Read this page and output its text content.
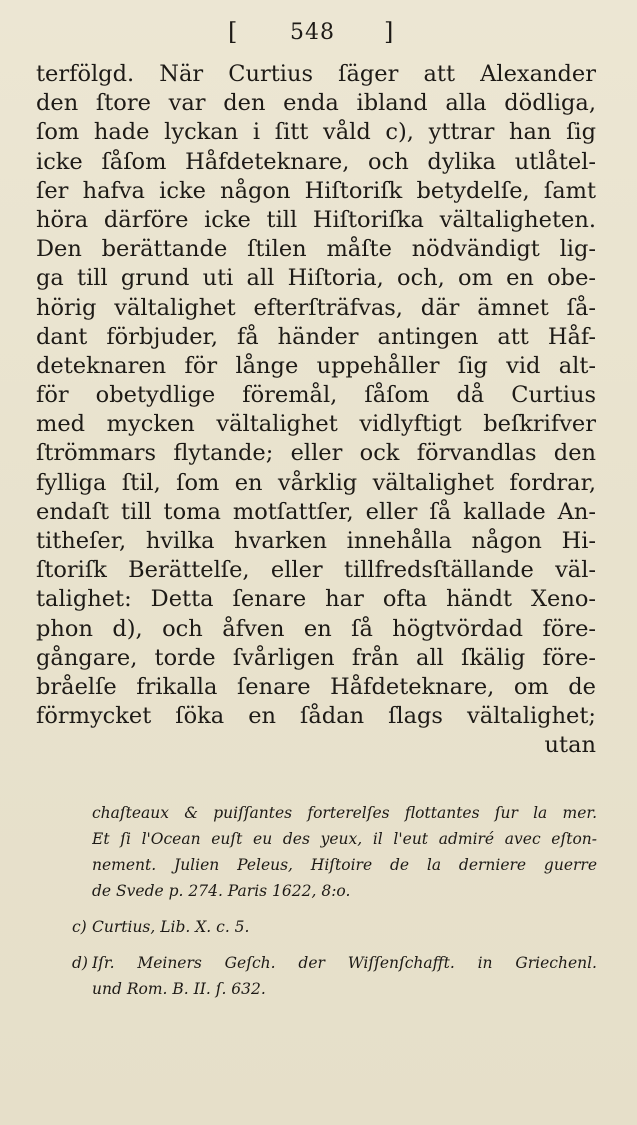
[ 548 ]
terfölgd. När Curtius ſäger att Alexander
den ſtore var den enda ibland alla dödliga,
ſom hade lyckan i ſitt våld c), yttrar han ſig
icke ſåſom Håfdeteknare, och dylika utlåtel-
ſer hafva icke någon Hiſtoriſk betydelſe, ſamt
höra därföre icke till Hiſtoriſka vältaligheten.
Den berättande ſtilen måſte nödvändigt lig-
ga till grund uti all Hiſtoria, och, om en obe-
hörig vältalighet efterſträfvas, där ämnet ſå-
dant förbjuder, få händer antingen att Håf-
deteknaren för långe uppehåller ſig vid alt-
för obetydlige föremål, ſåſom då Curtius
med mycken vältalighet vidlyftigt beſkrifver
ſtrömmars flytande; eller ock förvandlas den
fylliga ſtil, ſom en vårklig vältalighet fordrar,
endaſt till toma motſattſer, eller ſå kallade An-
titheſer, hvilka hvarken innehålla någon Hi-
ſtoriſk Berättelſe, eller tillfredsſtällande väl-
talighet: Detta ſenare har ofta händt Xeno-
phon d), och åfven en ſå högtvördad före-
gångare, torde ſvårligen från all ſkälig före-
bråelſe frikalla ſenare Håfdeteknare, om de
förmycket ſöka en ſådan ſlags vältalighet;
utan
chaſteaux & puiſſantes forterelſes flottantes ſur la mer.
Et ſi l'Ocean euſt eu des yeux, il l'eut admiré avec eſton-
nement. Julien Peleus, Hiſtoire de la derniere guerre
de Svede p. 274. Paris 1622, 8:o.
c) Curtius, Lib. X. c. 5.
d) Iſr. Meiners Geſch. der Wiſſenſchafft. in Griechenl.
und Rom. B. II. ſ. 632.
